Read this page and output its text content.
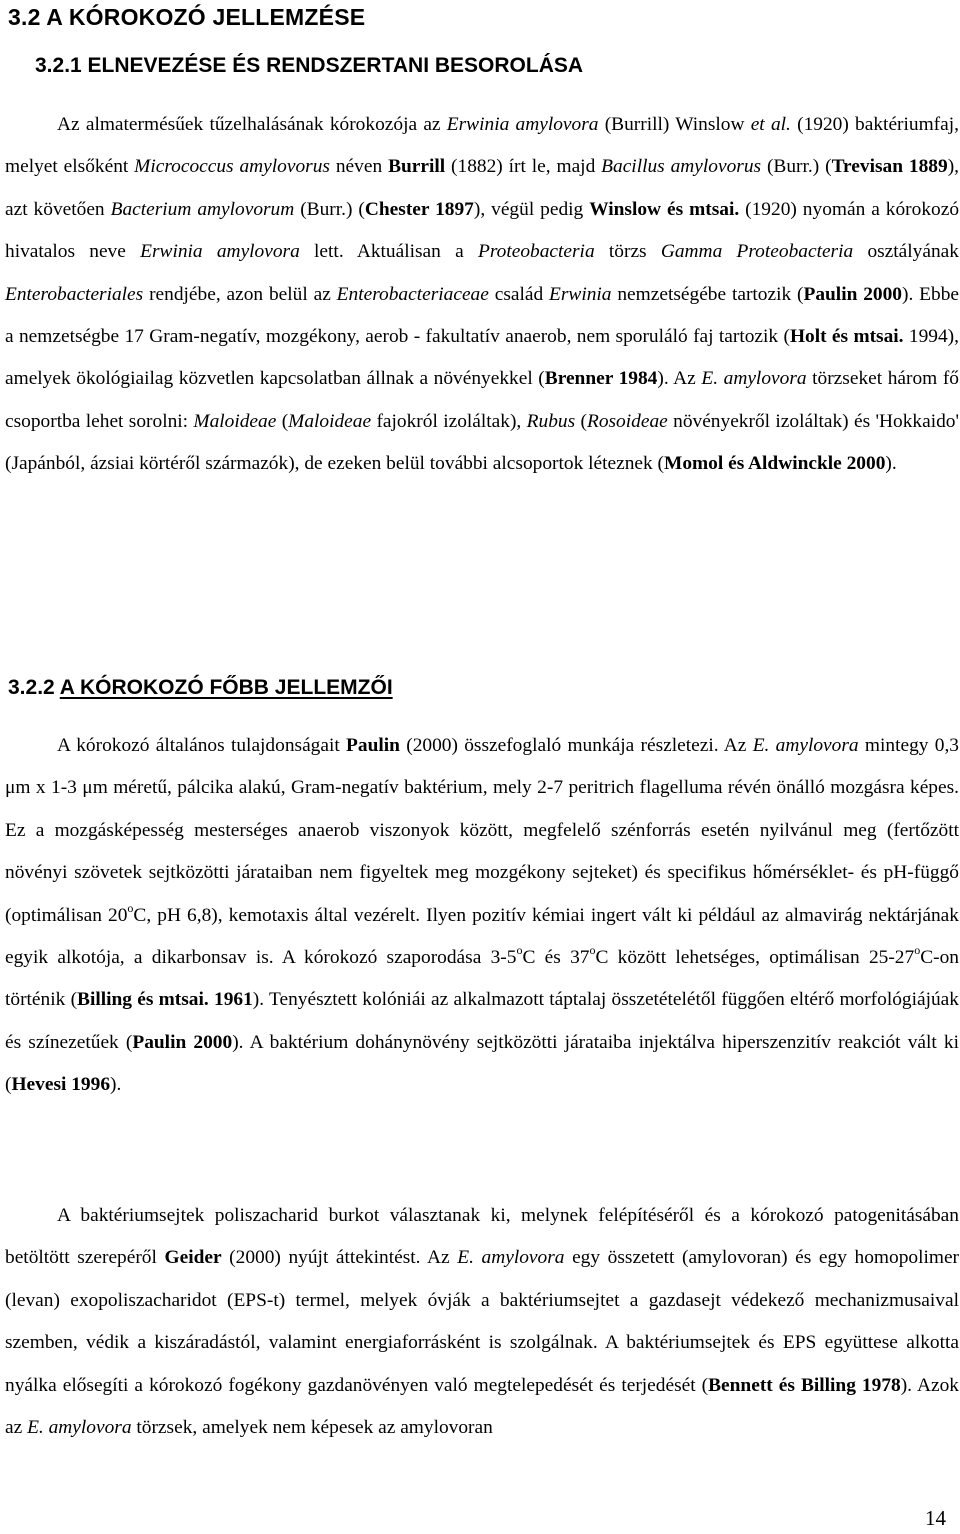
3.2 A KÓROKOZÓ JELLEMZÉSE
3.2.1 ELNEVEZÉSE ÉS RENDSZERTANI BESOROLÁSA
Az almatermésűek tűzelhalásának kórokozója az Erwinia amylovora (Burrill) Winslow et al. (1920) baktériumfaj, melyet elsőként Micrococcus amylovorus néven Burrill (1882) írt le, majd Bacillus amylovorus (Burr.) (Trevisan 1889), azt követően Bacterium amylovorum (Burr.) (Chester 1897), végül pedig Winslow és mtsai. (1920) nyomán a kórokozó hivatalos neve Erwinia amylovora lett. Aktuálisan a Proteobacteria törzs Gamma Proteobacteria osztályának Enterobacteriales rendjébe, azon belül az Enterobacteriaceae család Erwinia nemzetségébe tartozik (Paulin 2000). Ebbe a nemzetségbe 17 Gram-negatív, mozgékony, aerob - fakultatív anaerob, nem sporuláló faj tartozik (Holt és mtsai. 1994), amelyek ökológiailag közvetlen kapcsolatban állnak a növényekkel (Brenner 1984). Az E. amylovora törzseket három fő csoportba lehet sorolni: Maloideae (Maloideae fajokról izoláltak), Rubus (Rosoideae növényekről izoláltak) és 'Hokkaido' (Japánból, ázsiai körtéről származók), de ezeken belül további alcsoportok léteznek (Momol és Aldwinckle 2000).
3.2.2 A KÓROKOZÓ FŐBB JELLEMZŐI
A kórokozó általános tulajdonságait Paulin (2000) összefoglaló munkája részletezi. Az E. amylovora mintegy 0,3 μm x 1-3 μm méretű, pálcika alakú, Gram-negatív baktérium, mely 2-7 peritrich flagelluma révén önálló mozgásra képes. Ez a mozgásképesség mesterséges anaerob viszonyok között, megfelelő szénforrás esetén nyilvánul meg (fertőzött növényi szövetek sejtközötti járataiban nem figyeltek meg mozgékony sejteket) és specifikus hőmérséklet- és pH-függő (optimálisan 20$^o$C, pH 6,8), kemotaxis által vezérelt. Ilyen pozitív kémiai ingert vált ki például az almavirág nektárjának egyik alkotója, a dikarbonsav is. A kórokozó szaporodása 3-5$^o$C és 37$^o$C között lehetséges, optimálisan 25-27$^o$C-on történik (Billing és mtsai. 1961). Tenyésztett kolóniái az alkalmazott táptalaj összetételétől függően eltérő morfológiájúak és színezetűek (Paulin 2000). A baktérium dohánynövény sejtközötti járataiba injektálva hiperszenzitív reakciót vált ki (Hevesi 1996).
A baktériumsejtek poliszacharid burkot választanak ki, melynek felépítéséről és a kórokozó patogenitásában betöltött szerepéről Geider (2000) nyújt áttekintést. Az E. amylovora egy összetett (amylovoran) és egy homopolimer (levan) exopoliszacharidot (EPS-t) termel, melyek óvják a baktériumsejtet a gazdasejt védekező mechanizmusaival szemben, védik a kiszáradástól, valamint energiaforrásként is szolgálnak. A baktériumsejtek és EPS együttese alkotta nyálka elősegíti a kórokozó fogékony gazdanövényen való megtelepedését és terjedését (Bennett és Billing 1978). Azok az E. amylovora törzsek, amelyek nem képesek az amylovoran
14
